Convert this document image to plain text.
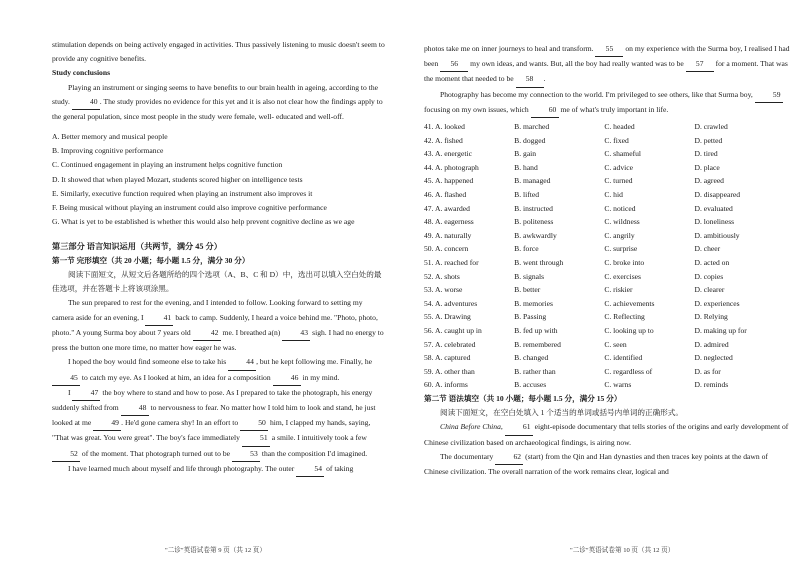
stimulation depends on being actively engaged in activities. Thus passively listening to music doesn't seem to provide any cognitive benefits.

Study conclusions

Playing an instrument or singing seems to have benefits to our brain health in ageing, according to the study.	40 . The study provides no evidence for this yet and it is also not clear how the findings apply to the general population, since most people in the study were female, well- educated and well-off.

A. Better memory and musical people

B. Improving cognitive performance

C. Continued engagement in playing an instrument helps cognitive function

D. It showed that when played Mozart, students scored higher on intelligence tests

E. Similarly, executive function required when playing an instrument also improves it

F. Being musical without playing an instrument could also improve cognitive performance

G. What is yet to be established is whether this would also help prevent cognitive decline as we age

第三部分 语言知识运用（共两节，满分 45 分）

第一节 完形填空（共 20 小题；每小题 1.5 分，满分 30 分）

阅读下面短文，从短文后各题所给的四个选项（A、B、C 和 D）中，选出可以填入空白处的最佳选项，并在答题卡上将该项涂黑。

The sun prepared to rest for the evening, and I intended to follow. Looking forward to setting my camera aside for an evening, I	41 back to camp. Suddenly, I heard a voice behind me. "Photo, photo, photo." A young Surma boy about 7 years old	42 me. I breathed a(n)	43 sigh. I had no energy to press the button one more time, no matter how eager he was.

I hoped the boy would find someone else to take his	44 , but he kept following me. Finally, he 45 to catch my eye. As I looked at him, an idea for a composition	46 in my mind.

I	47 the boy where to stand and how to pose. As I prepared to take the photograph, his energy suddenly shifted from	48 to nervousness to fear. No matter how I told him to look and stand, he just looked at me	49 . He'd gone camera shy! In an effort to	50 him, I clapped my hands, saying, "That was great. You were great". The boy's face immediately	51 a smile. I intuitively took a few 52 of the moment. That photograph turned out to be	53 than the composition I'd imagined.

I have learned much about myself and life through photography. The outer	54 of taking

"二诊"英语试卷第 9 页（共 12 页）

photos take me on inner journeys to heal and transform. 55 on my experience with the Surma boy, I realised I had been 56 my own ideas, and wants. But, all the boy had really wanted was to be 57 for a moment. That was the moment that needed to be 58 .

Photography has become my connection to the world. I'm privileged to see others, like that Surma boy,	59 focusing on my own issues, which	60 me of what's truly important in life.

41. A. looked	B. marched	C. headed	D. crawled
42. A. fished	B. dogged	C. fixed	D. petted
43. A. energetic	B. gain	C. shameful	D. tired
44. A. photograph	B. hand	C. advice	D. place
45. A. happened	B. managed	C. turned	D. agreed
46. A. flashed	B. lifted	C. hid	D. disappeared
47. A. awarded	B. instructed	C. noticed	D. evaluated
48. A. eagerness	B. politeness	C. wildness	D. loneliness
49. A. naturally	B. awkwardly	C. angrily	D. ambitiously
50. A. concern	B. force	C. surprise	D. cheer
51. A. reached for	B. went through	C. broke into	D. acted on
52. A. shots	B. signals	C. exercises	D. copies
53. A. worse	B. better	C. riskier	D. clearer
54. A. adventures	B. memories	C. achievements	D. experiences
55. A. Drawing	B. Passing	C. Reflecting	D. Relying
56. A. caught up in	B. fed up with	C. looking up to	D. making up for
57. A. celebrated	B. remembered	C. seen	D. admired
58. A. captured	B. changed	C. identified	D. neglected
59. A. other than	B. rather than	C. regardless of	D. as for
60. A. informs	B. accuses	C. warns	D. reminds

第二节 语法填空（共 10 小题；每小题 1.5 分，满分 15 分）

阅读下面短文，在空白处填入 1 个适当的单词或括号内单词的正确形式。

China Before China,	61 eight-episode documentary that tells stories of the origins and early development of Chinese civilization based on archaeological findings, is airing now.

The documentary	62 (start) from the Qin and Han dynasties and then traces key points at the dawn of Chinese civilization. The overall narration of the work remains clear, logical and

"二诊"英语试卷第 10 页（共 12 页）
